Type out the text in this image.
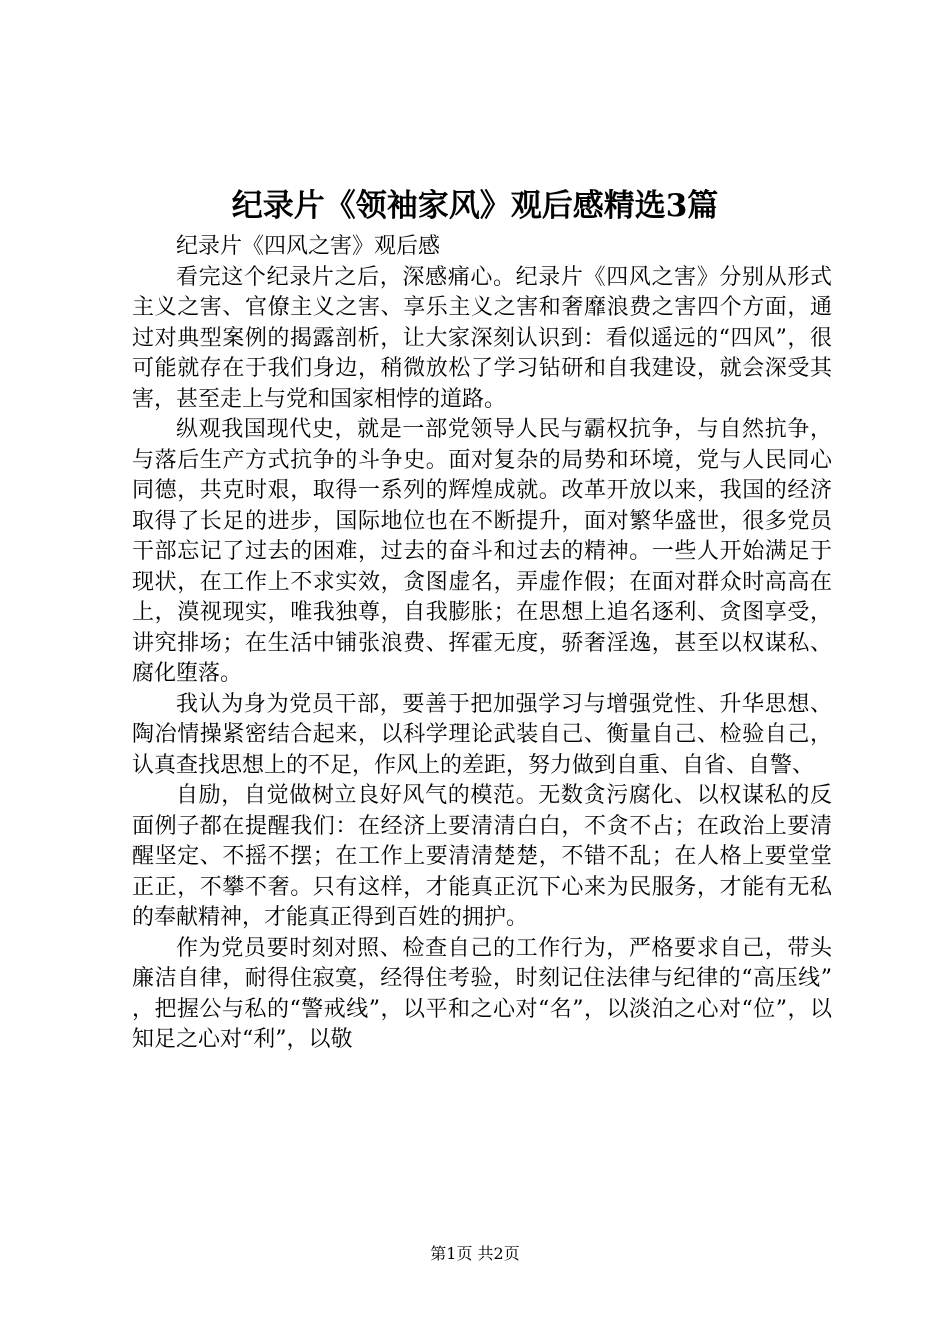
纪录片《领袖家风》观后感精选3篇

纪录片《四风之害》观后感

看完这个纪录片之后，深感痛心。纪录片《四风之害》分别从形式主义之害、官僚主义之害、享乐主义之害和奢靡浪费之害四个方面，通过对典型案例的揭露剖析，让大家深刻认识到：看似遥远的“四风”，很可能就存在于我们身边，稍微放松了学习钻研和自我建设，就会深受其害，甚至走上与党和国家相悖的道路。

纵观我国现代史，就是一部党领导人民与霸权抗争，与自然抗争，与落后生产方式抗争的斗争史。面对复杂的局势和环境，党与人民同心同德，共克时艰，取得一系列的辉煌成就。改革开放以来，我国的经济取得了长足的进步，国际地位也在不断提升，面对繁华盛世，很多党员干部忘记了过去的困难，过去的奋斗和过去的精神。一些人开始满足于现状，在工作上不求实效，贪图虚名，弄虚作假；在面对群众时高高在上，漠视现实，唯我独尊，自我膨胀；在思想上追名逐利、贪图享受，讲究排场；在生活中铺张浪费、挥霍无度，骄奢淫逸，甚至以权谋私、腐化堕落。

我认为身为党员干部，要善于把加强学习与增强党性、升华思想、陶冶情操紧密结合起来，以科学理论武装自己、衡量自己、检验自己，认真查找思想上的不足，作风上的差距，努力做到自重、自省、自警、

自励，自觉做树立良好风气的模范。无数贪污腐化、以权谋私的反面例子都在提醒我们：在经济上要清清白白，不贪不占；在政治上要清醒坚定、不摇不摆；在工作上要清清楚楚，不错不乱；在人格上要堂堂正正，不攀不奢。只有这样，才能真正沉下心来为民服务，才能有无私的奉献精神，才能真正得到百姓的拥护。

作为党员要时刻对照、检查自己的工作行为，严格要求自己，带头廉洁自律，耐得住寂寞，经得住考验，时刻记住法律与纪律的“高压线”，把握公与私的“警戒线”，以平和之心对“名”，以淡泊之心对“位”，以知足之心对“利”，以敬

第1页 共2页
